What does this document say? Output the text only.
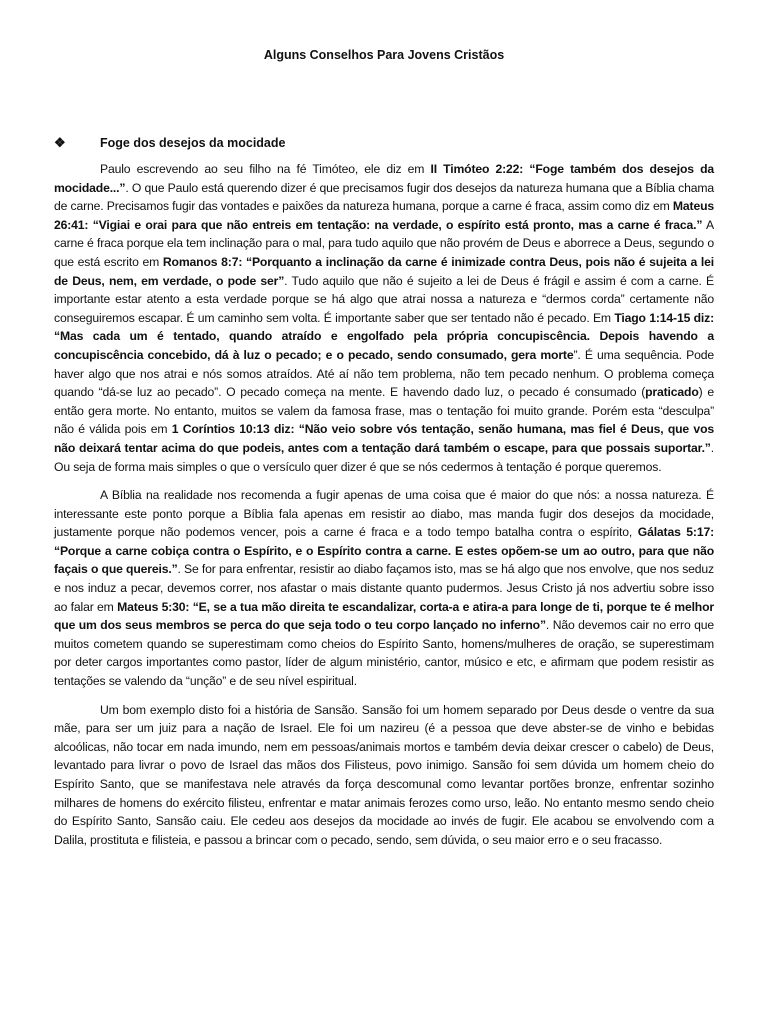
Alguns Conselhos Para Jovens Cristãos
❖	Foge dos desejos da mocidade

Paulo escrevendo ao seu filho na fé Timóteo, ele diz em II Timóteo 2:22: “Foge também dos desejos da mocidade...”. O que Paulo está querendo dizer é que precisamos fugir dos desejos da natureza humana que a Bíblia chama de carne. Precisamos fugir das vontades e paixões da natureza humana, porque a carne é fraca, assim como diz em Mateus 26:41: “Vigiai e orai para que não entreis em tentação: na verdade, o espírito está pronto, mas a carne é fraca.” A carne é fraca porque ela tem inclinação para o mal, para tudo aquilo que não provém de Deus e aborrece a Deus, segundo o que está escrito em Romanos 8:7: “Porquanto a inclinação da carne é inimizade contra Deus, pois não é sujeita a lei de Deus, nem, em verdade, o pode ser”. Tudo aquilo que não é sujeito a lei de Deus é frágil e assim é com a carne. É importante estar atento a esta verdade porque se há algo que atrai nossa a natureza e “dermos corda” certamente não conseguiremos escapar. É um caminho sem volta. É importante saber que ser tentado não é pecado. Em Tiago 1:14-15 diz: “Mas cada um é tentado, quando atraído e engolfado pela própria concupiscência. Depois havendo a concupiscência concebido, dá à luz o pecado; e o pecado, sendo consumado, gera morte”. É uma sequência. Pode haver algo que nos atrai e nós somos atraídos. Até aí não tem problema, não tem pecado nenhum. O problema começa quando “dá-se luz ao pecado”. O pecado começa na mente. E havendo dado luz, o pecado é consumado (praticado) e então gera morte. No entanto, muitos se valem da famosa frase, mas o tentação foi muito grande. Porém esta “desculpa” não é válida pois em 1 Coríntios 10:13 diz: “Não veio sobre vós tentação, senão humana, mas fiel é Deus, que vos não deixará tentar acima do que podeis, antes com a tentação dará também o escape, para que possais suportar.”. Ou seja de forma mais simples o que o versículo quer dizer é que se nós cedermos à tentação é porque queremos.

A Bíblia na realidade nos recomenda a fugir apenas de uma coisa que é maior do que nós: a nossa natureza. É interessante este ponto porque a Bíblia fala apenas em resistir ao diabo, mas manda fugir dos desejos da mocidade, justamente porque não podemos vencer, pois a carne é fraca e a todo tempo batalha contra o espírito, Gálatas 5:17: “Porque a carne cobiça contra o Espírito, e o Espírito contra a carne. E estes opõem-se um ao outro, para que não façais o que quereis.”. Se for para enfrentar, resistir ao diabo façamos isto, mas se há algo que nos envolve, que nos seduz e nos induz a pecar, devemos correr, nos afastar o mais distante quanto pudermos. Jesus Cristo já nos advertiu sobre isso ao falar em Mateus 5:30: “E, se a tua mão direita te escandalizar, corta-a e atira-a para longe de ti, porque te é melhor que um dos seus membros se perca do que seja todo o teu corpo lançado no inferno”. Não devemos cair no erro que muitos cometem quando se superestimam como cheios do Espírito Santo, homens/mulheres de oração, se superestimam por deter cargos importantes como pastor, líder de algum ministério, cantor, músico e etc, e afirmam que podem resistir as tentações se valendo da “unção” e de seu nível espiritual.

Um bom exemplo disto foi a história de Sansão. Sansão foi um homem separado por Deus desde o ventre da sua mãe, para ser um juiz para a nação de Israel. Ele foi um nazireu (é a pessoa que deve abster-se de vinho e bebidas alcoólicas, não tocar em nada imundo, nem em pessoas/animais mortos e também devia deixar crescer o cabelo) de Deus, levantado para livrar o povo de Israel das mãos dos Filisteus, povo inimigo. Sansão foi sem dúvida um homem cheio do Espírito Santo, que se manifestava nele através da força descomunal como levantar portões bronze, enfrentar sozinho milhares de homens do exército filisteu, enfrentar e matar animais ferozes como urso, leão. No entanto mesmo sendo cheio do Espírito Santo, Sansão caiu. Ele cedeu aos desejos da mocidade ao invés de fugir. Ele acabou se envolvendo com a Dalila, prostituta e filisteia, e passou a brincar com o pecado, sendo, sem dúvida, o seu maior erro e o seu fracasso.
